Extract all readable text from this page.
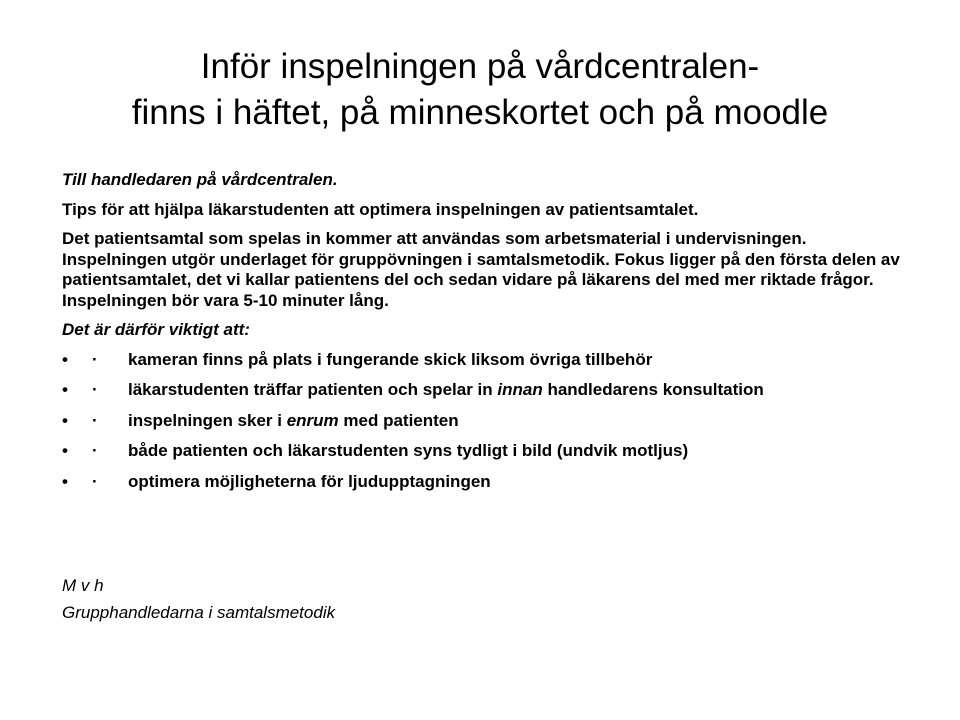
Inför inspelningen på vårdcentralen-
finns i häftet, på minneskortet och på moodle

Till handledaren på vårdcentralen.

Tips för att hjälpa läkarstudenten att optimera inspelningen av patientsamtalet.

Det patientsamtal som spelas in kommer att användas som arbetsmaterial i undervisningen. Inspelningen utgör underlaget för gruppövningen i samtalsmetodik. Fokus ligger på den första delen av patientsamtalet, det vi kallar patientens del och sedan vidare på läkarens del med mer riktade frågor. Inspelningen bör vara 5-10 minuter lång.

Det är därför viktigt att:

•	· kameran finns på plats i fungerande skick liksom övriga tillbehör
•	· läkarstudenten träffar patienten och spelar in innan handledarens konsultation
•	· inspelningen sker i enrum med patienten
•	· både patienten och läkarstudenten syns tydligt i bild (undvik motljus)
•	· optimera möjligheterna för ljudupptagningen
M v h
Grupphandledarna i samtalsmetodik
